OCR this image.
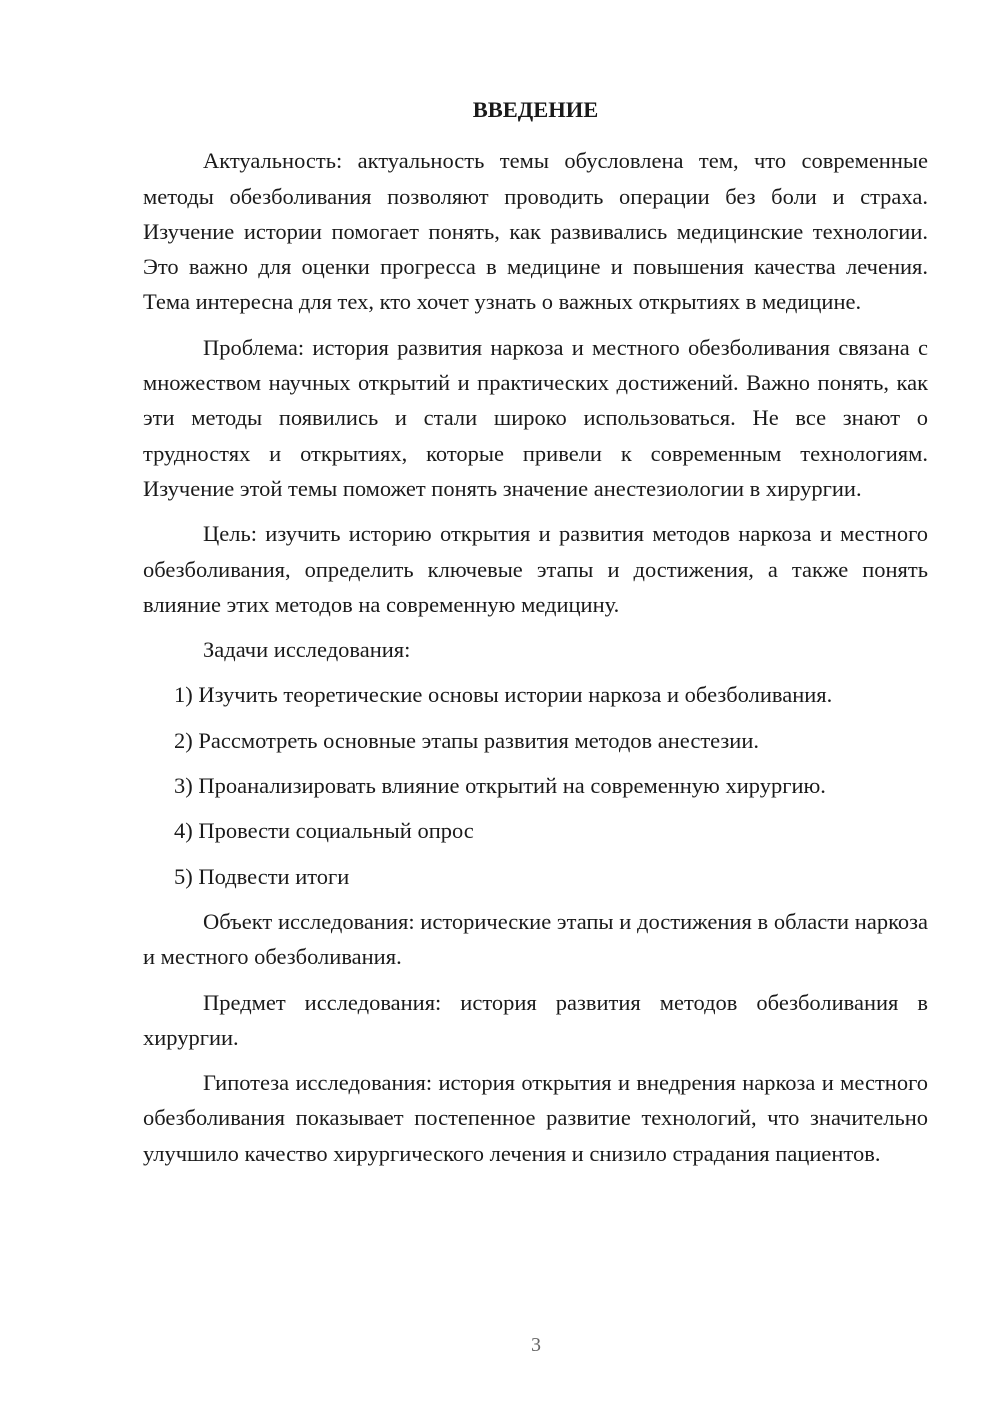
ВВЕДЕНИЕ

Актуальность: актуальность темы обусловлена тем, что современные методы обезболивания позволяют проводить операции без боли и страха. Изучение истории помогает понять, как развивались медицинские технологии. Это важно для оценки прогресса в медицине и повышения качества лечения. Тема интересна для тех, кто хочет узнать о важных открытиях в медицине.

Проблема: история развития наркоза и местного обезболивания связана с множеством научных открытий и практических достижений. Важно понять, как эти методы появились и стали широко использоваться. Не все знают о трудностях и открытиях, которые привели к современным технологиям. Изучение этой темы поможет понять значение анестезиологии в хирургии.

Цель: изучить историю открытия и развития методов наркоза и местного обезболивания, определить ключевые этапы и достижения, а также понять влияние этих методов на современную медицину.

Задачи исследования:

1) Изучить теоретические основы истории наркоза и обезболивания.
2) Рассмотреть основные этапы развития методов анестезии.
3) Проанализировать влияние открытий на современную хирургию.
4) Провести социальный опрос
5) Подвести итоги

Объект исследования: исторические этапы и достижения в области наркоза и местного обезболивания.

Предмет исследования: история развития методов обезболивания в хирургии.

Гипотеза исследования: история открытия и внедрения наркоза и местного обезболивания показывает постепенное развитие технологий, что значительно улучшило качество хирургического лечения и снизило страдания пациентов.

3
